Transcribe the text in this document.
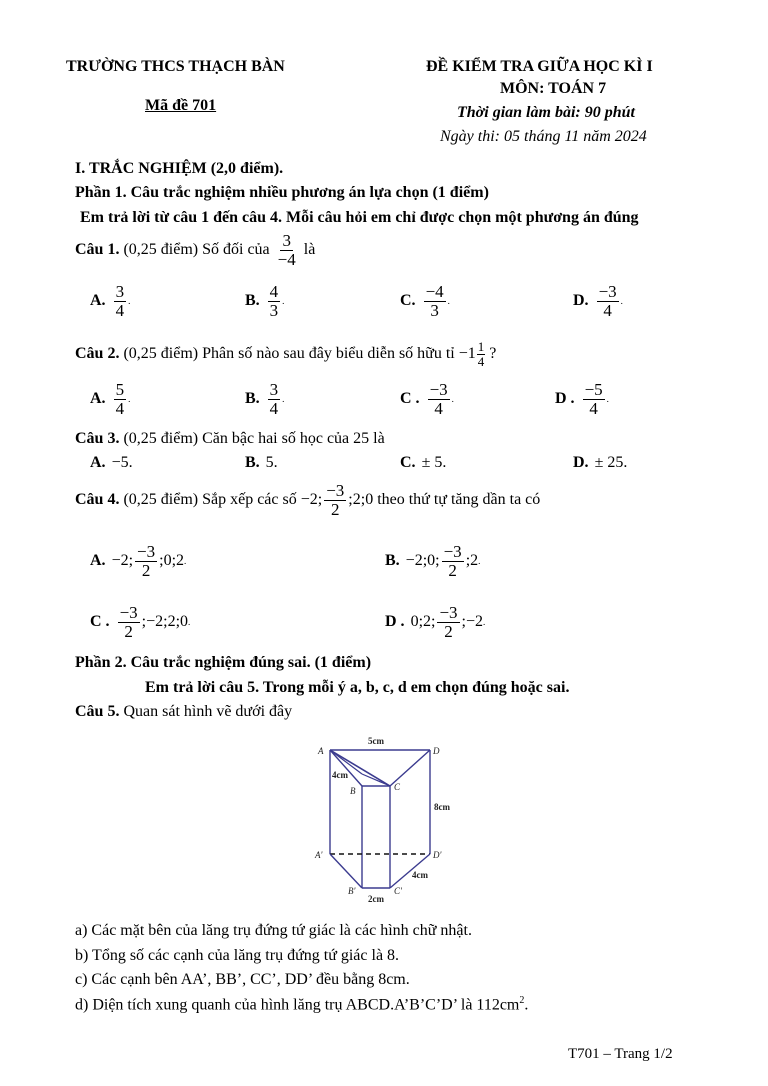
TRƯỜNG THCS THẠCH BÀN
Mã đề 701
ĐỀ KIỂM TRA GIỮA HỌC KÌ I
MÔN: TOÁN 7
Thời gian làm bài: 90 phút
Ngày thi: 05 tháng 11 năm 2024
I. TRẮC NGHIỆM (2,0 điểm).
Phần 1. Câu trắc nghiệm nhiều phương án lựa chọn (1 điểm)
Em trả lời từ câu 1 đến câu 4. Mỗi câu hỏi em chỉ được chọn một phương án đúng
Câu 1.
(0,25 điểm) Số đối của
$\frac{3}{-4}$
là
A. $\frac{3}{4}$ .	B. $\frac{4}{3}$ .	C. $\frac{-4}{3}$ .	D. $\frac{-3}{4}$ .
Câu 2.
(0,25 điểm) Phân số nào sau đây biểu diễn số hữu tỉ
−1 1
4
?
A. $\frac{5}{4}$ .	B. $\frac{3}{4}$ .	C . $\frac{-3}{4}$ .	D . $\frac{-5}{4}$ .
Câu 3. (0,25 điểm) Căn bậc hai số học của 25 là
A. −5.	B. 5.	C. ± 5.	D. ± 25.
Câu 4.
(0,25 điểm) Sắp xếp các số
−2; $\frac{-3}{2}$ ;2;0
theo thứ tự tăng dần ta có
A. −2; $\frac{-3}{2}$ ;0;2 .	B. −2;0; $\frac{-3}{2}$ ;2 .
C . $\frac{-3}{2}$ ;−2;2;0 .	D . 0;2; $\frac{-3}{2}$ ;−2 .
Phần 2. Câu trắc nghiệm đúng sai. (1 điểm)
Em trả lời câu 5. Trong mỗi ý a, b, c, d em chọn đúng hoặc sai.
Câu 5. Quan sát hình vẽ dưới đây
A
B	C
D
A'
B'	C'
D'
5cm
4cm
8cm
4cm
2cm
a) Các mặt bên của lăng trụ đứng tứ giác là các hình chữ nhật.
b) Tổng số các cạnh của lăng trụ đứng tứ giác là 8.
c) Các cạnh bên AA’, BB’, CC’, DD’ đều bằng 8cm.
d) Diện tích xung quanh của hình lăng trụ ABCD.A’B’C’D’ là $112cm^2$.
T701 – Trang 1/2
